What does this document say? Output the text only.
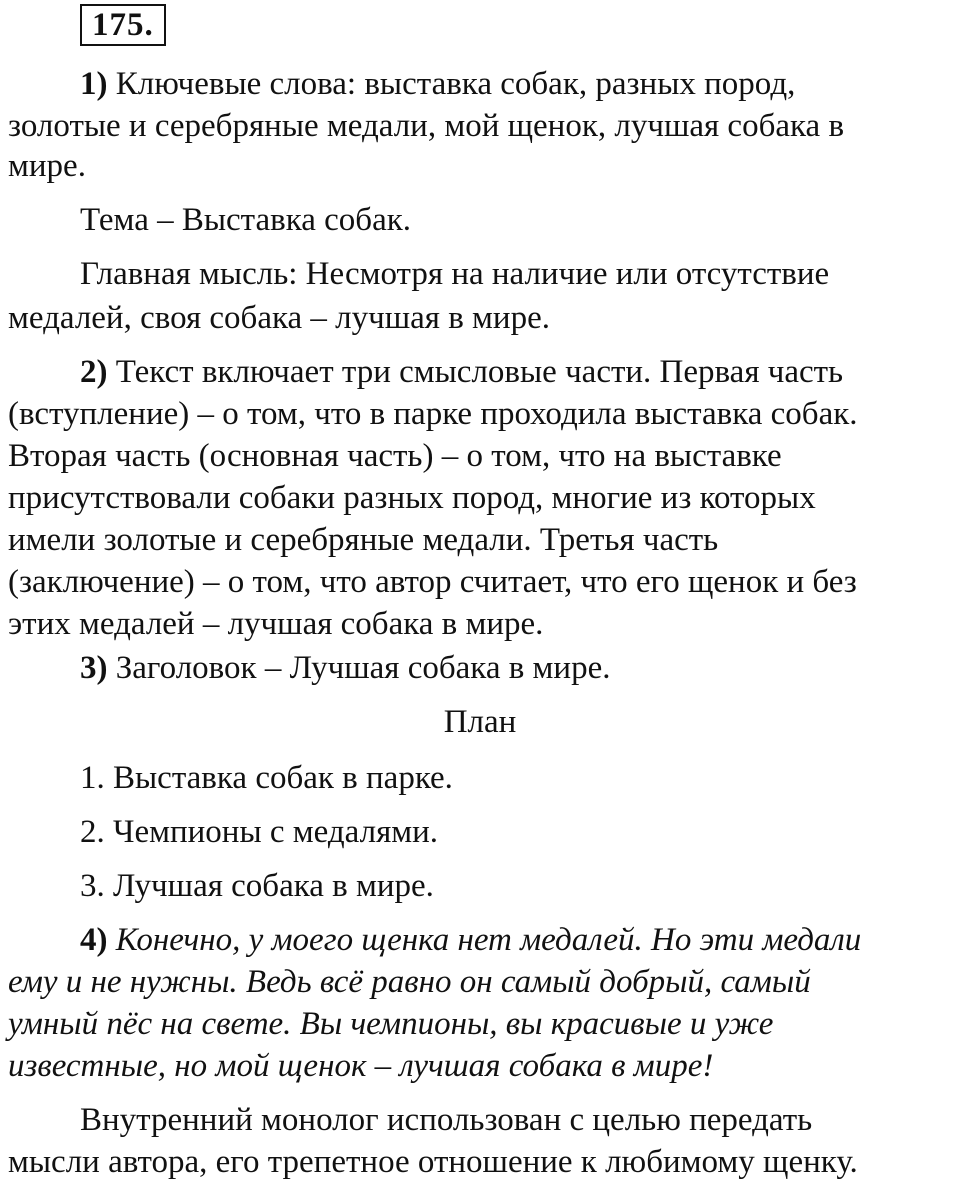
175.
1) Ключевые слова: выставка собак, разных пород,
золотые и серебряные медали, мой щенок, лучшая собака в
мире.
Тема – Выставка собак.
Главная мысль: Несмотря на наличие или отсутствие
медалей, своя собака – лучшая в мире.
2) Текст включает три смысловые части. Первая часть
(вступление) – о том, что в парке проходила выставка собак.
Вторая часть (основная часть) – о том, что на выставке
присутствовали собаки разных пород, многие из которых
имели золотые и серебряные медали. Третья часть
(заключение) – о том, что автор считает, что его щенок и без
этих медалей – лучшая собака в мире.
3) Заголовок – Лучшая собака в мире.
План
1. Выставка собак в парке.
2. Чемпионы с медалями.
3. Лучшая собака в мире.
4) Конечно, у моего щенка нет медалей. Но эти медали
ему и не нужны. Ведь всё равно он самый добрый, самый
умный пёс на свете. Вы чемпионы, вы красивые и уже
известные, но мой щенок – лучшая собака в мире!
Внутренний монолог использован с целью передать
мысли автора, его трепетное отношение к любимому щенку.
